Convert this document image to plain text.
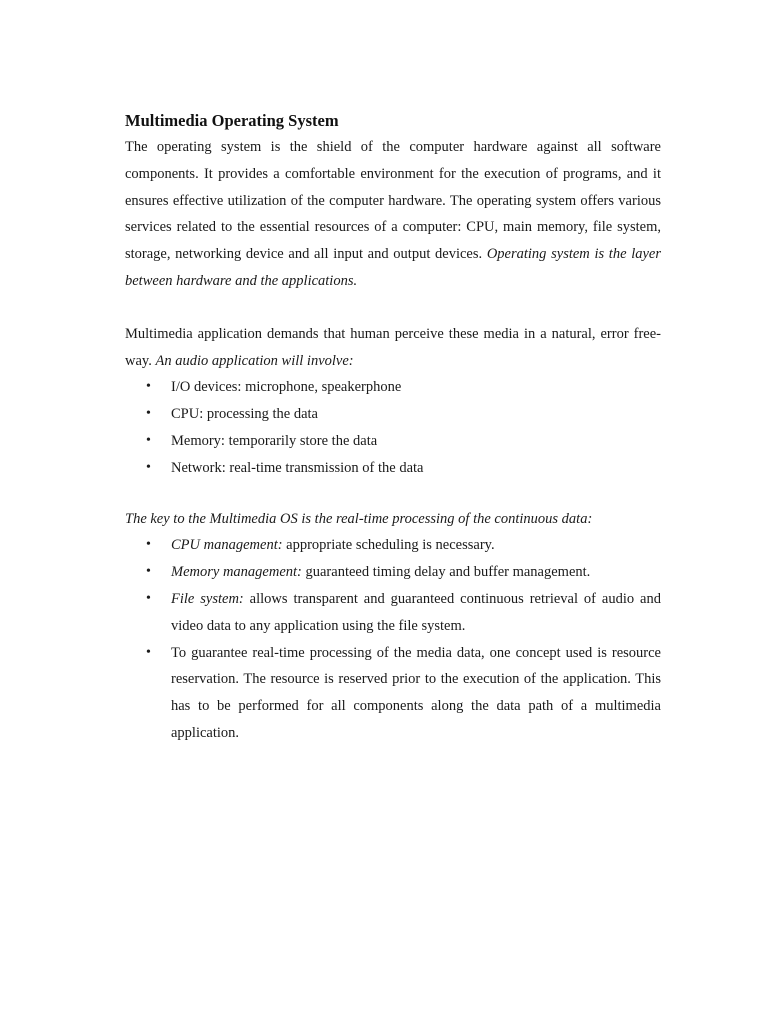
Multimedia Operating System

The operating system is the shield of the computer hardware against all software components. It provides a comfortable environment for the execution of programs, and it ensures effective utilization of the computer hardware. The operating system offers various services related to the essential resources of a computer: CPU, main memory, file system, storage, networking device and all input and output devices. Operating system is the layer between hardware and the applications.

Multimedia application demands that human perceive these media in a natural, error free-way. An audio application will involve:

• I/O devices: microphone, speakerphone
• CPU: processing the data
• Memory: temporarily store the data
• Network: real-time transmission of the data

The key to the Multimedia OS is the real-time processing of the continuous data:

• CPU management: appropriate scheduling is necessary.
• Memory management: guaranteed timing delay and buffer management.
• File system: allows transparent and guaranteed continuous retrieval of audio and video data to any application using the file system.
• To guarantee real-time processing of the media data, one concept used is resource reservation. The resource is reserved prior to the execution of the application. This has to be performed for all components along the data path of a multimedia application.
